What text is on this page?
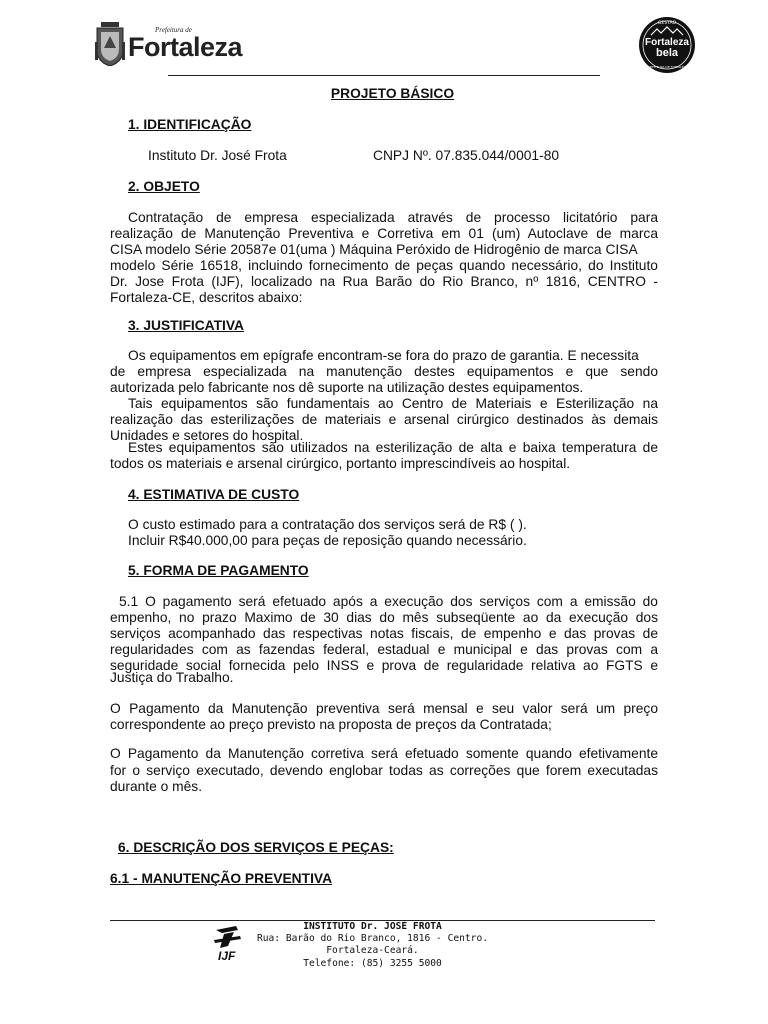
Prefeitura de
Fortaleza
GESTÃO
Fortaleza
bela
PREFEITURA DE FORTALEZA
PROJETO BÁSICO

1. IDENTIFICAÇÃO

Instituto Dr. José Frota	CNPJ Nº. 07.835.044/0001-80

2. OBJETO

Contratação de empresa especializada através de processo licitatório para

realização de Manutenção Preventiva e Corretiva em 01 (um) Autoclave de marca

CISA modelo Série 20587e 01(uma ) Máquina Peróxido de Hidrogênio de marca CISA

modelo Série 16518, incluindo fornecimento de peças quando necessário, do Instituto

Dr. Jose Frota (IJF), localizado na Rua Barão do Rio Branco, nº 1816, CENTRO -

Fortaleza-CE, descritos abaixo:

3. JUSTIFICATIVA

Os equipamentos em epígrafe encontram-se fora do prazo de garantia. E necessita

de empresa especializada na manutenção destes equipamentos e que sendo

autorizada pelo fabricante nos dê suporte na utilização destes equipamentos.

Tais equipamentos são fundamentais ao Centro de Materiais e Esterilização na

realização das esterilizações de materiais e arsenal cirúrgico destinados às demais

Unidades e setores do hospital.

Estes equipamentos são utilizados na esterilização de alta e baixa temperatura de

todos os materiais e arsenal cirúrgico, portanto imprescindíveis ao hospital.

4. ESTIMATIVA DE CUSTO

O custo estimado para a contratação dos serviços será de R$ ( ).

Incluir R$40.000,00 para peças de reposição quando necessário.

5. FORMA DE PAGAMENTO

5.1 O pagamento será efetuado após a execução dos serviços com a emissão do

empenho, no prazo Maximo de 30 dias do mês subseqüente ao da execução dos

serviços acompanhado das respectivas notas fiscais, de empenho e das provas de

regularidades com as fazendas federal, estadual e municipal e das provas com a

seguridade social fornecida pelo INSS e prova de regularidade relativa ao FGTS e

Justiça do Trabalho.

O Pagamento da Manutenção preventiva será mensal e seu valor será um preço

correspondente ao preço previsto na proposta de preços da Contratada;

O Pagamento da Manutenção corretiva será efetuado somente quando efetivamente

for o serviço executado, devendo englobar todas as correções que forem executadas

durante o mês.

6. DESCRIÇÃO DOS SERVIÇOS E PEÇAS:

6.1 - MANUTENÇÃO PREVENTIVA

IJF
INSTITUTO Dr. JOSÉ FROTA
Rua: Barão do Rio Branco, 1816 - Centro.
Fortaleza-Ceará.
Telefone: (85) 3255 5000
